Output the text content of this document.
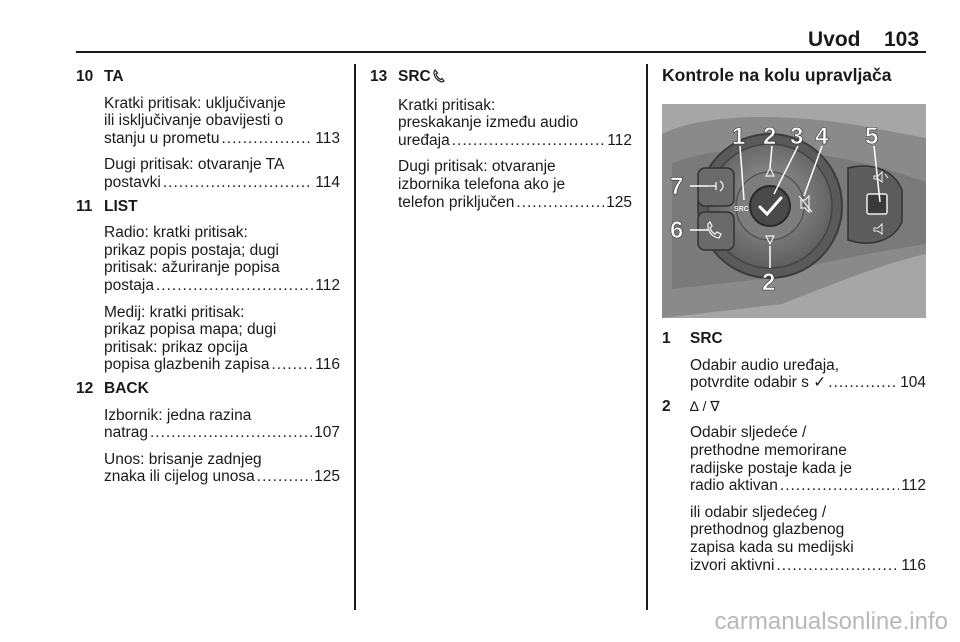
Uvod 103
10 TA
Kratki pritisak: uključivanje
ili isključivanje obavijesti o
stanju u prometu .....	113
Dugi pritisak: otvaranje TA
postavki .....	114
11 LIST
Radio: kratki pritisak:
prikaz popis postaja; dugi
pritisak: ažuriranje popisa
postaja .....	112
Medij: kratki pritisak:
prikaz popisa mapa; dugi
pritisak: prikaz opcija
popisa glazbenih zapisa .....	116
12 BACK
Izbornik: jedna razina
natrag .....	107
Unos: brisanje zadnjeg
znaka ili cijelog unosa .....	125
13 SRC
Kratki pritisak:
preskakanje između audio
uređaja .....	112
Dugi pritisak: otvaranje
izbornika telefona ako je
telefon priključen .....	125
Kontrole na kolu upravljača
SRC
1 2 3 4 5
6
7
2
1 SRC
Odabir audio uređaja,
potvrdite odabir s ✓ .....	104
2 ∆ / ∇
Odabir sljedeće /
prethodne memorirane
radijske postaje kada je
radio aktivan .....	112
ili odabir sljedećeg /
prethodnog glazbenog
zapisa kada su medijski
izvori aktivni .....	116
carmanualsonline.info
